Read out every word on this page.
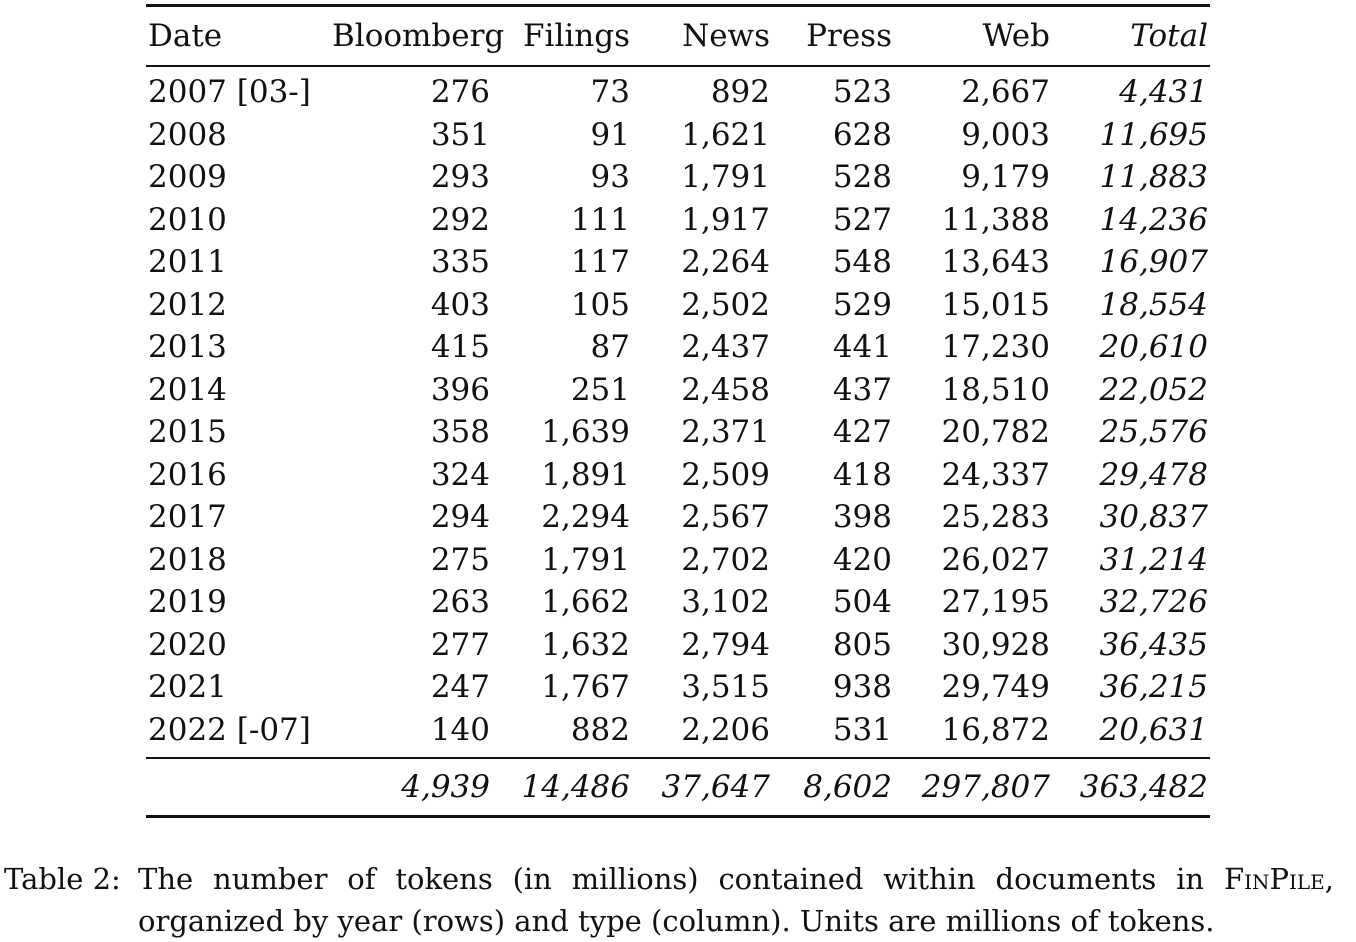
Date	Bloomberg	Filings	News	Press	Web	Total
2007 [03-]	276	73	892	523	2,667	4,431
2008	351	91	1,621	628	9,003	11,695
2009	293	93	1,791	528	9,179	11,883
2010	292	111	1,917	527	11,388	14,236
2011	335	117	2,264	548	13,643	16,907
2012	403	105	2,502	529	15,015	18,554
2013	415	87	2,437	441	17,230	20,610
2014	396	251	2,458	437	18,510	22,052
2015	358	1,639	2,371	427	20,782	25,576
2016	324	1,891	2,509	418	24,337	29,478
2017	294	2,294	2,567	398	25,283	30,837
2018	275	1,791	2,702	420	26,027	31,214
2019	263	1,662	3,102	504	27,195	32,726
2020	277	1,632	2,794	805	30,928	36,435
2021	247	1,767	3,515	938	29,749	36,215
2022 [-07]	140	882	2,206	531	16,872	20,631
	4,939	14,486	37,647	8,602	297,807	363,482
Table 2: The number of tokens (in millions) contained within documents in FinPile, organized by year (rows) and type (column). Units are millions of tokens.
